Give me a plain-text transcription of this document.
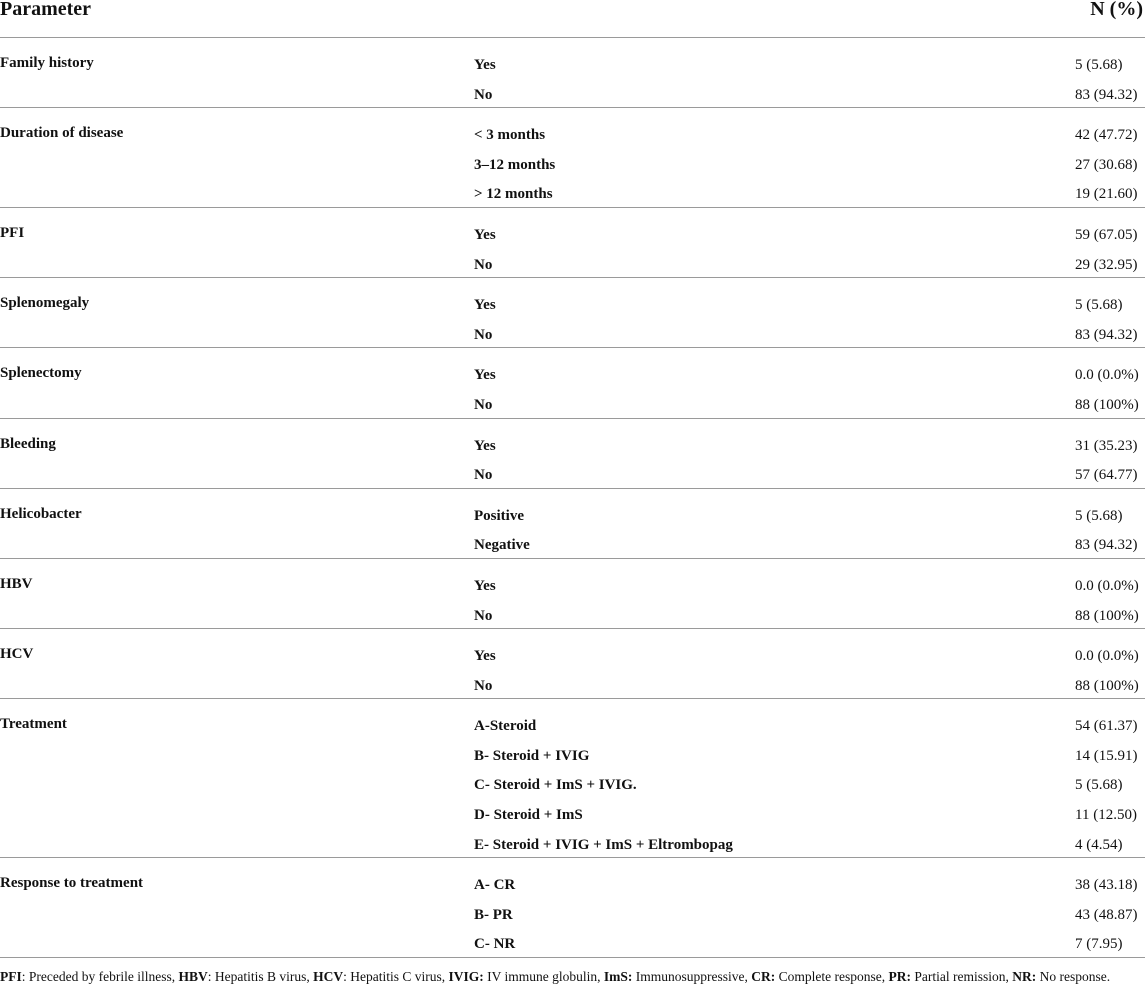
Parameter	N (%)
Family history	Yes	5 (5.68)
No	83 (94.32)
Duration of disease	< 3 months	42 (47.72)
3–12 months	27 (30.68)
> 12 months	19 (21.60)
PFI	Yes	59 (67.05)
No	29 (32.95)
Splenomegaly	Yes	5 (5.68)
No	83 (94.32)
Splenectomy	Yes	0.0 (0.0%)
No	88 (100%)
Bleeding	Yes	31 (35.23)
No	57 (64.77)
Helicobacter	Positive	5 (5.68)
Negative	83 (94.32)
HBV	Yes	0.0 (0.0%)
No	88 (100%)
HCV	Yes	0.0 (0.0%)
No	88 (100%)
Treatment	A-Steroid	54 (61.37)
B- Steroid + IVIG	14 (15.91)
C- Steroid + ImS + IVIG.	5 (5.68)
D- Steroid + ImS	11 (12.50)
E- Steroid + IVIG + ImS + Eltrombopag	4 (4.54)
Response to treatment	A- CR	38 (43.18)
B- PR	43 (48.87)
C- NR	7 (7.95)
PFI: Preceded by febrile illness, HBV: Hepatitis B virus, HCV: Hepatitis C virus, IVIG: IV immune globulin, ImS: Immunosuppressive, CR: Complete response, PR: Partial remission, NR: No response.
